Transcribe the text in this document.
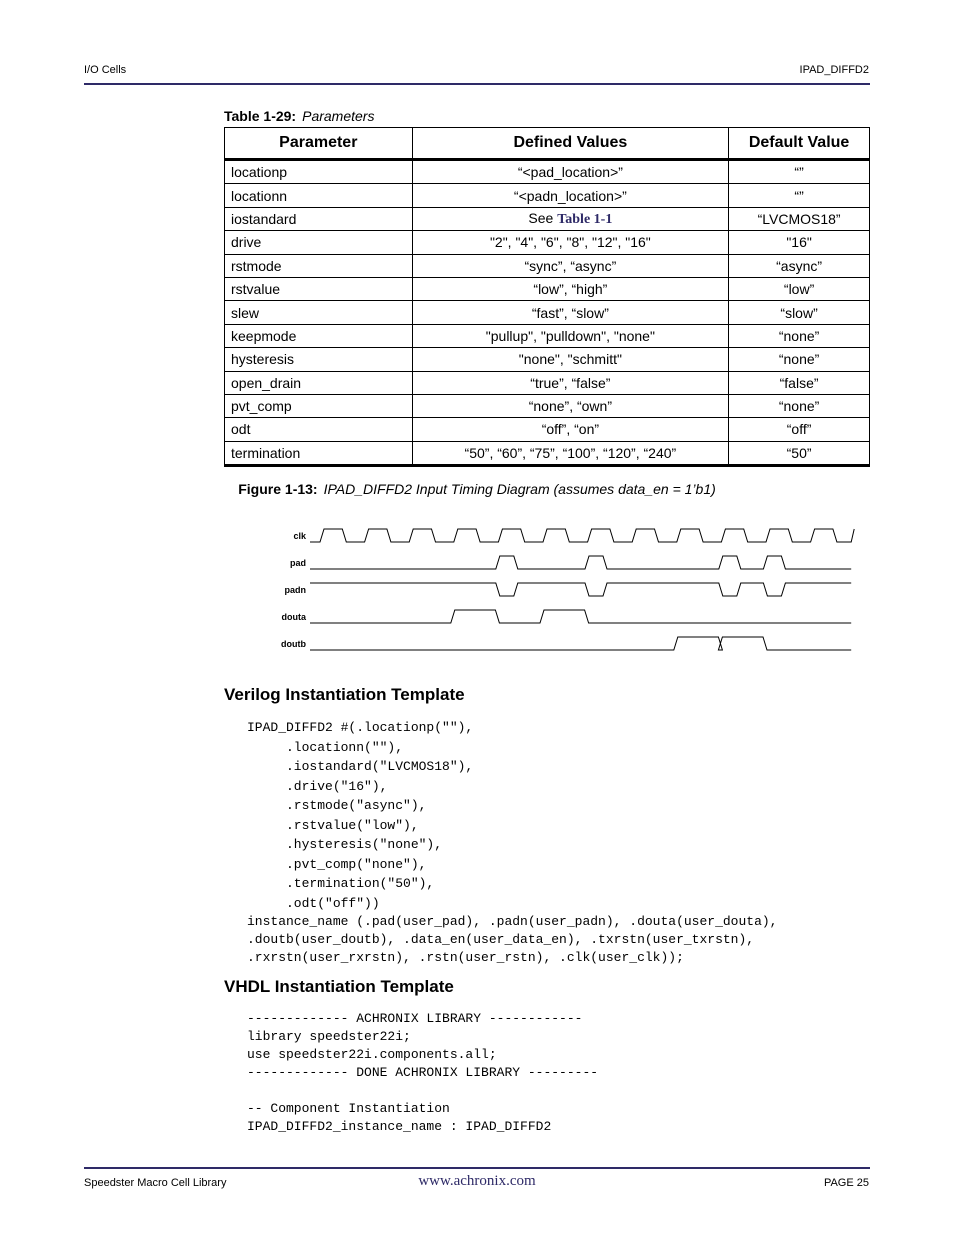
I/O Cells	IPAD_DIFFD2
Table 1-29: Parameters
Parameter	Defined Values	Default Value
locationp	“<pad_location>”	“”
locationn	“<padn_location>”	“”
iostandard	See Table 1-1	“LVCMOS18”
drive	"2", "4", "6", "8", "12", "16"	"16"
rstmode	“sync”, “async”	“async”
rstvalue	“low”, “high”	“low”
slew	“fast”, “slow”	“slow”
keepmode	"pullup", "pulldown", "none"	“none”
hysteresis	"none", "schmitt"	“none”
open_drain	“true”, “false”	“false”
pvt_comp	“none”, “own”	“none”
odt	“off”, “on”	“off”
termination	“50”, “60”, “75”, “100”, “120”, “240”	“50”
Figure 1-13: IPAD_DIFFD2 Input Timing Diagram (assumes data_en = 1’b1)
clk
pad
padn
douta
doutb
Verilog Instantiation Template
IPAD_DIFFD2 #(.locationp(""),
.locationn(""),
.iostandard("LVCMOS18"),
.drive("16"),
.rstmode("async"),
.rstvalue("low"),
.hysteresis("none"),
.pvt_comp("none"),
.termination("50"),
.odt("off"))
instance_name (.pad(user_pad), .padn(user_padn), .douta(user_douta),
.doutb(user_doutb), .data_en(user_data_en), .txrstn(user_txrstn),
.rxrstn(user_rxrstn), .rstn(user_rstn), .clk(user_clk));
VHDL Instantiation Template
------------- ACHRONIX LIBRARY ------------
library speedster22i;
use speedster22i.components.all;
------------- DONE ACHRONIX LIBRARY ---------
-- Component Instantiation
IPAD_DIFFD2_instance_name : IPAD_DIFFD2
Speedster Macro Cell Library	www.achronix.com	PAGE 25
